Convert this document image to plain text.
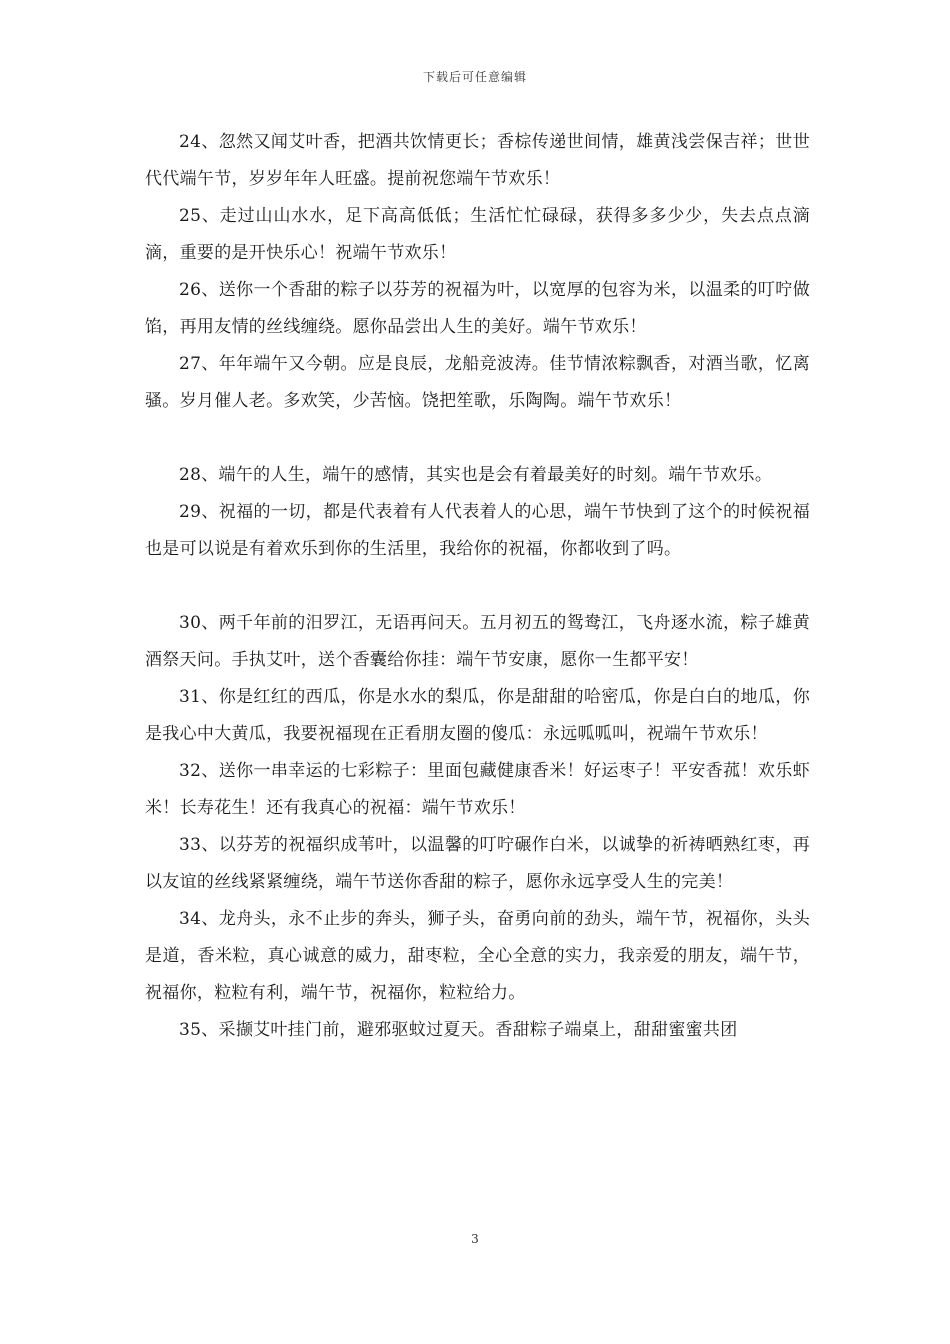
下载后可任意编辑

24、忽然又闻艾叶香，把酒共饮情更长；香棕传递世间情，雄黄浅尝保吉祥；世世代代端午节，岁岁年年人旺盛。提前祝您端午节欢乐！

25、走过山山水水，足下高高低低；生活忙忙碌碌，获得多多少少，失去点点滴滴，重要的是开快乐心！祝端午节欢乐！

26、送你一个香甜的粽子以芬芳的祝福为叶，以宽厚的包容为米，以温柔的叮咛做馅，再用友情的丝线缠绕。愿你品尝出人生的美好。端午节欢乐！

27、年年端午又今朝。应是良辰，龙船竞波涛。佳节情浓粽飘香，对酒当歌，忆离骚。岁月催人老。多欢笑，少苦恼。饶把笙歌，乐陶陶。端午节欢乐！

28、端午的人生，端午的感情，其实也是会有着最美好的时刻。端午节欢乐。

29、祝福的一切，都是代表着有人代表着人的心思，端午节快到了这个的时候祝福也是可以说是有着欢乐到你的生活里，我给你的祝福，你都收到了吗。

30、两千年前的汨罗江，无语再问天。五月初五的鸳鸯江，飞舟逐水流，粽子雄黄酒祭天问。手执艾叶，送个香囊给你挂：端午节安康，愿你一生都平安！

31、你是红红的西瓜，你是水水的梨瓜，你是甜甜的哈密瓜，你是白白的地瓜，你是我心中大黄瓜，我要祝福现在正看朋友圈的傻瓜：永远呱呱叫，祝端午节欢乐！

32、送你一串幸运的七彩粽子：里面包藏健康香米！好运枣子！平安香菰！欢乐虾米！长寿花生！还有我真心的祝福：端午节欢乐！

33、以芬芳的祝福织成苇叶，以温馨的叮咛碾作白米，以诚挚的祈祷晒熟红枣，再以友谊的丝线紧紧缠绕，端午节送你香甜的粽子，愿你永远享受人生的完美！

34、龙舟头，永不止步的奔头，狮子头，奋勇向前的劲头，端午节，祝福你，头头是道，香米粒，真心诚意的威力，甜枣粒，全心全意的实力，我亲爱的朋友，端午节，祝福你，粒粒有利，端午节，祝福你，粒粒给力。

35、采撷艾叶挂门前，避邪驱蚊过夏天。香甜粽子端桌上，甜甜蜜蜜共团

3
